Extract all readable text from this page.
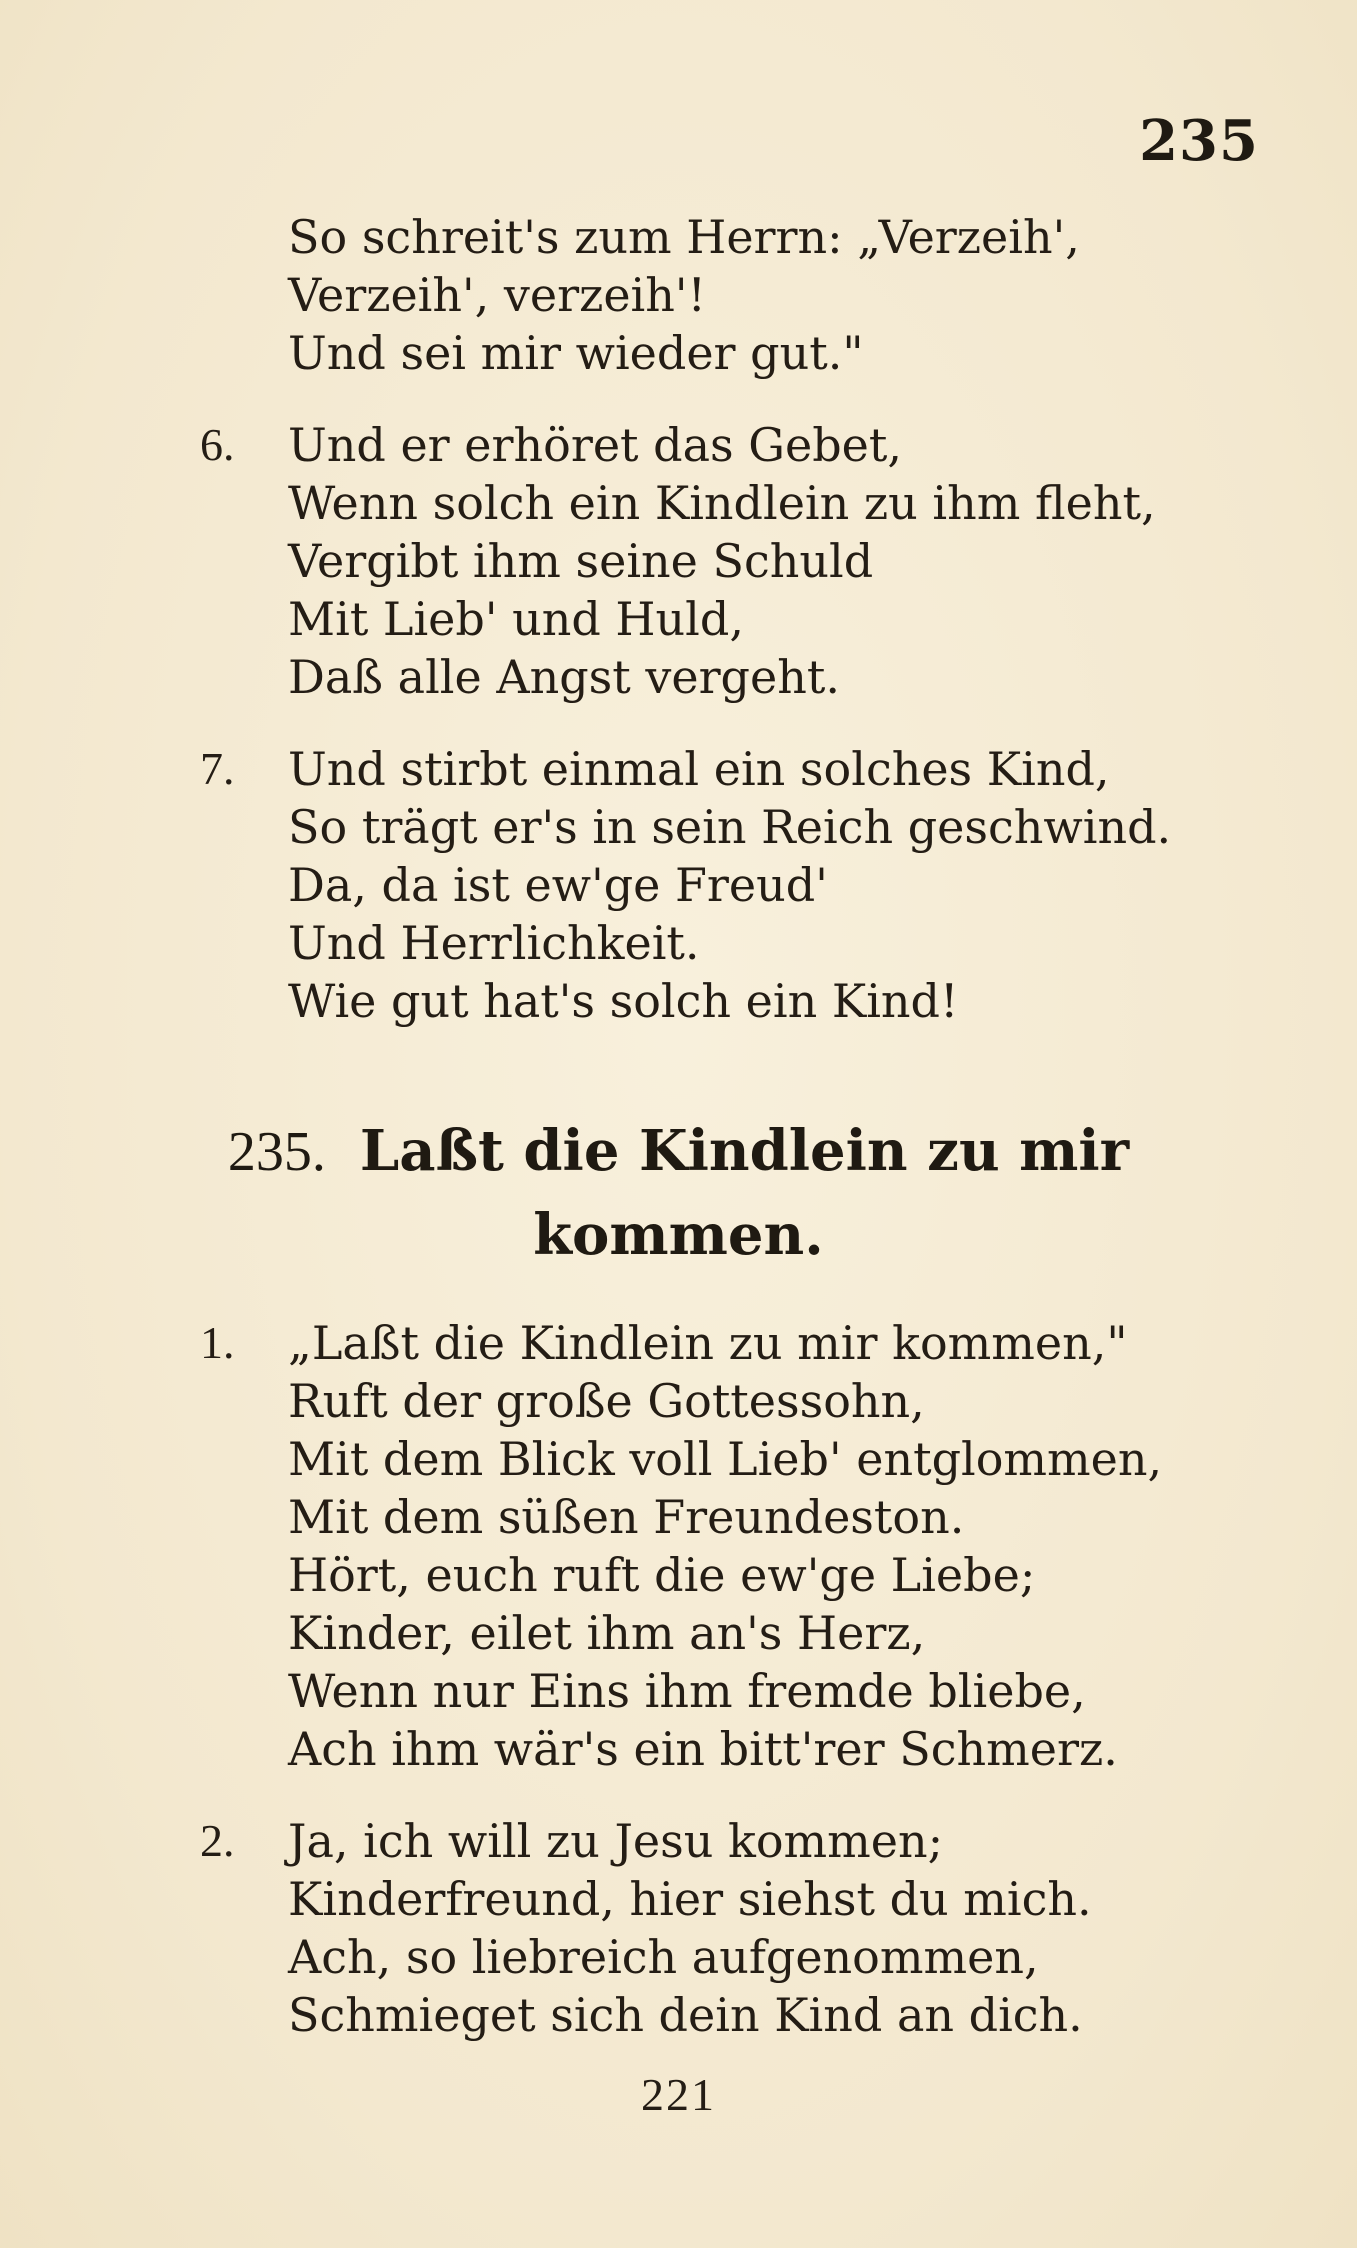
235
So schreit's zum Herrn: „Verzeih',
Verzeih', verzeih'!
Und sei mir wieder gut."
6. Und er erhöret das Gebet,
Wenn solch ein Kindlein zu ihm fleht,
Vergibt ihm seine Schuld
Mit Lieb' und Huld,
Daß alle Angst vergeht.
7. Und stirbt einmal ein solches Kind,
So trägt er's in sein Reich geschwind.
Da, da ist ew'ge Freud'
Und Herrlichkeit.
Wie gut hat's solch ein Kind!
235. Laßt die Kindlein zu mir
kommen.
1. „Laßt die Kindlein zu mir kommen,"
Ruft der große Gottessohn,
Mit dem Blick voll Lieb' entglommen,
Mit dem süßen Freundeston.
Hört, euch ruft die ew'ge Liebe;
Kinder, eilet ihm an's Herz,
Wenn nur Eins ihm fremde bliebe,
Ach ihm wär's ein bitt'rer Schmerz.
2. Ja, ich will zu Jesu kommen;
Kinderfreund, hier siehst du mich.
Ach, so liebreich aufgenommen,
Schmieget sich dein Kind an dich.
221
